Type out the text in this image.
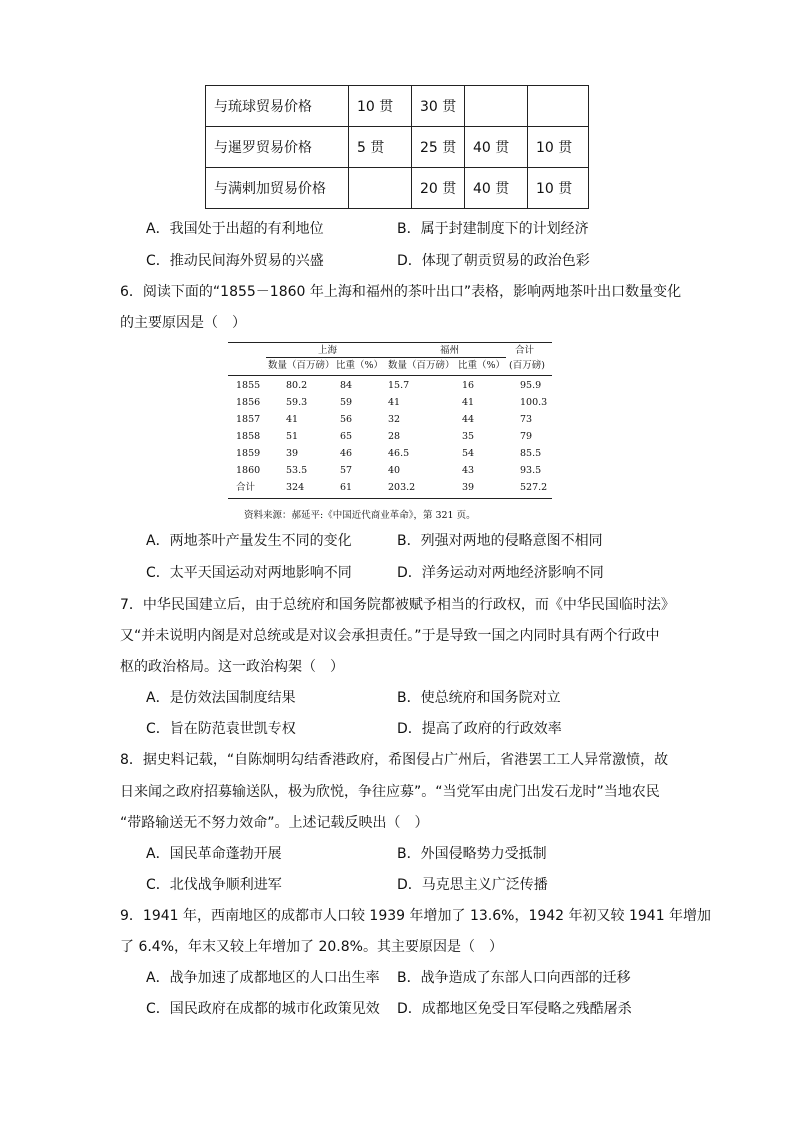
与琉球贸易价格	10 贯	30 贯		
与暹罗贸易价格	5 贯	25 贯	40 贯	10 贯
与满剌加贸易价格		20 贯	40 贯	10 贯
A．我国处于出超的有利地位	B．属于封建制度下的计划经济
C．推动民间海外贸易的兴盛	D．体现了朝贡贸易的政治色彩
6．阅读下面的“1855－1860 年上海和福州的茶叶出口”表格，影响两地茶叶出口数量变化
的主要原因是（　）
上海	福州	合计
数量（百万磅） 比重（%） 数量（百万磅） 比重（%） (百万磅)
1855	80.2	84	15.7	16	95.9
1856	59.3	59	41	41	100.3
1857	41	56	32	44	73
1858	51	65	28	35	79
1859	39	46	46.5	54	85.5
1860	53.5	57	40	43	93.5
合计	324	61	203.2	39	527.2
资料来源：郝延平:《中国近代商业革命》，第 321 页。
A．两地茶叶产量发生不同的变化	B．列强对两地的侵略意图不相同
C．太平天国运动对两地影响不同	D．洋务运动对两地经济影响不同
7．中华民国建立后，由于总统府和国务院都被赋予相当的行政权，而《中华民国临时法》
又“并未说明内阁是对总统或是对议会承担责任。”于是导致一国之内同时具有两个行政中
枢的政治格局。这一政治构架（　）
A．是仿效法国制度结果	B．使总统府和国务院对立
C．旨在防范袁世凯专权	D．提高了政府的行政效率
8．据史料记载，“自陈炯明勾结香港政府，希图侵占广州后，省港罢工工人异常激愤，故
日来闻之政府招募输送队，极为欣悦，争往应募”。“当党军由虎门出发石龙时”当地农民
“带路输送无不努力效命”。上述记载反映出（　）
A．国民革命蓬勃开展	B．外国侵略势力受抵制
C．北伐战争顺利进军	D．马克思主义广泛传播
9．1941 年，西南地区的成都市人口较 1939 年增加了 13.6%，1942 年初又较 1941 年增加
了 6.4%，年末又较上年增加了 20.8%。其主要原因是（　）
A．战争加速了成都地区的人口出生率 B．战争造成了东部人口向西部的迁移
C．国民政府在成都的城市化政策见效 D．成都地区免受日军侵略之残酷屠杀
